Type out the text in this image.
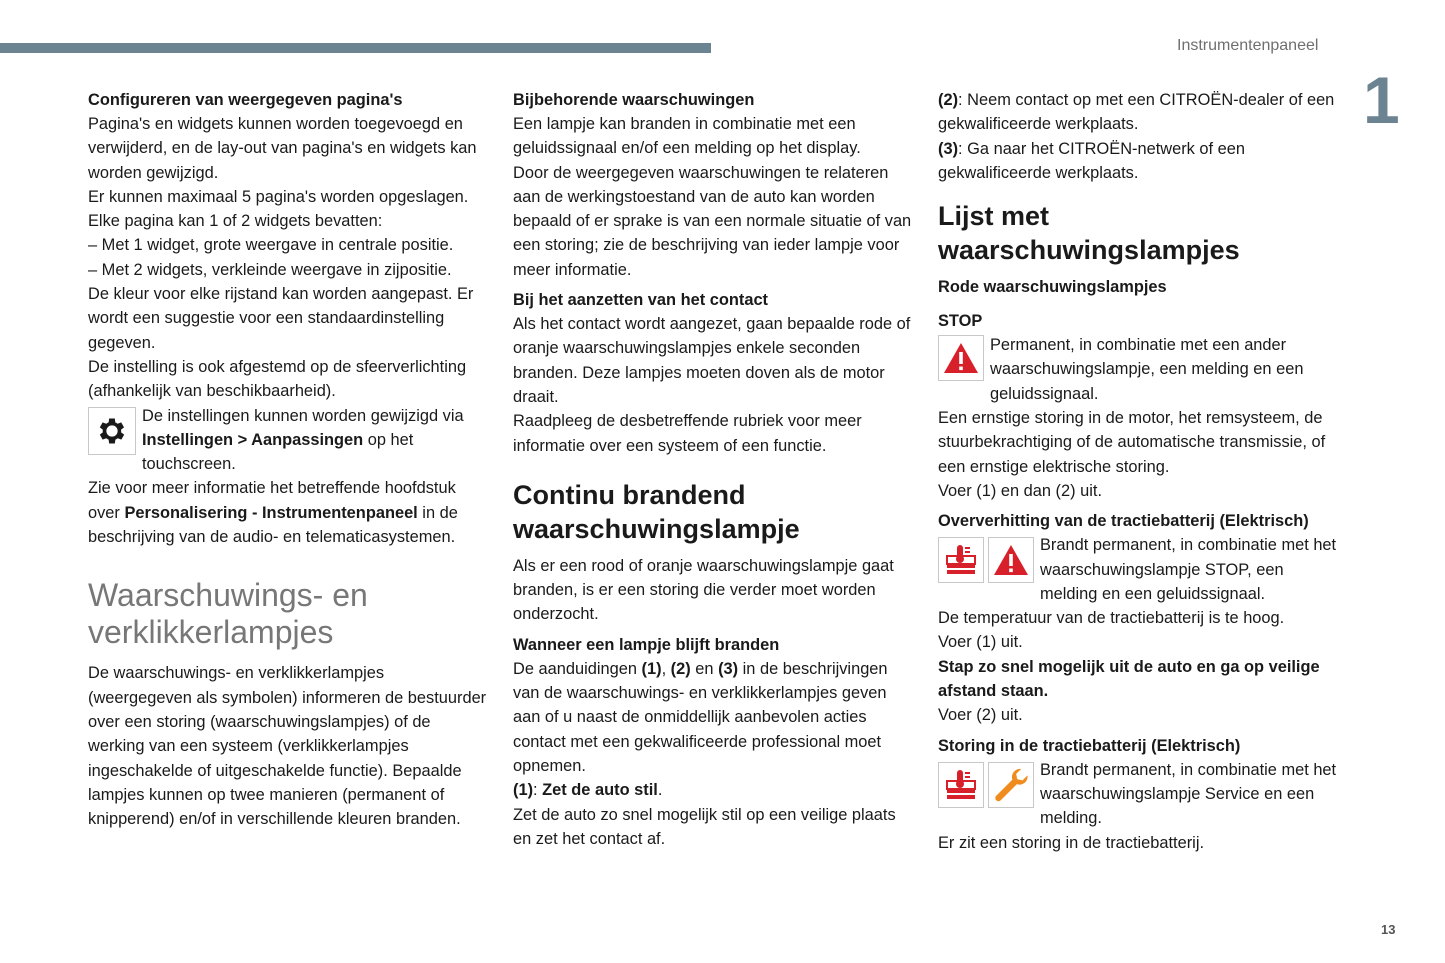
Instrumentenpaneel
1
13

Configureren van weergegeven pagina's

Pagina's en widgets kunnen worden toegevoegd en verwijderd, en de lay-out van pagina's en widgets kan worden gewijzigd.

Er kunnen maximaal 5 pagina's worden opgeslagen.

Elke pagina kan 1 of 2 widgets bevatten:

– Met 1 widget, grote weergave in centrale positie.

– Met 2 widgets, verkleinde weergave in zijpositie.

De kleur voor elke rijstand kan worden aangepast. Er wordt een suggestie voor een standaardinstelling gegeven.

De instelling is ook afgestemd op de sfeerverlichting (afhankelijk van beschikbaarheid).

De instellingen kunnen worden gewijzigd via Instellingen > Aanpassingen op het touchscreen.

Zie voor meer informatie het betreffende hoofdstuk over Personalisering - Instrumentenpaneel in de beschrijving van de audio- en telematicasystemen.

Waarschuwings- en verklikkerlampjes

De waarschuwings- en verklikkerlampjes (weergegeven als symbolen) informeren de bestuurder over een storing (waarschuwingslampjes) of de werking van een systeem (verklikkerlampjes ingeschakelde of uitgeschakelde functie). Bepaalde lampjes kunnen op twee manieren (permanent of knipperend) en/of in verschillende kleuren branden.

Bijbehorende waarschuwingen

Een lampje kan branden in combinatie met een geluidssignaal en/of een melding op het display.

Door de weergegeven waarschuwingen te relateren aan de werkingstoestand van de auto kan worden bepaald of er sprake is van een normale situatie of van een storing; zie de beschrijving van ieder lampje voor meer informatie.

Bij het aanzetten van het contact

Als het contact wordt aangezet, gaan bepaalde rode of oranje waarschuwingslampjes enkele seconden branden. Deze lampjes moeten doven als de motor draait.

Raadpleeg de desbetreffende rubriek voor meer informatie over een systeem of een functie.

Continu brandend waarschuwingslampje

Als er een rood of oranje waarschuwingslampje gaat branden, is er een storing die verder moet worden onderzocht.

Wanneer een lampje blijft branden

De aanduidingen (1), (2) en (3) in de beschrijvingen van de waarschuwings- en verklikkerlampjes geven aan of u naast de onmiddellijk aanbevolen acties contact met een gekwalificeerde professional moet opnemen.

(1): Zet de auto stil.

Zet de auto zo snel mogelijk stil op een veilige plaats en zet het contact af.

(2): Neem contact op met een CITROËN-dealer of een gekwalificeerde werkplaats.

(3): Ga naar het CITROËN-netwerk of een gekwalificeerde werkplaats.

Lijst met waarschuwingslampjes

Rode waarschuwingslampjes

STOP

Permanent, in combinatie met een ander waarschuwingslampje, een melding en een geluidssignaal.

Een ernstige storing in de motor, het remsysteem, de stuurbekrachtiging of de automatische transmissie, of een ernstige elektrische storing.

Voer (1) en dan (2) uit.

Oververhitting van de tractiebatterij (Elektrisch)

Brandt permanent, in combinatie met het waarschuwingslampje STOP, een melding en een geluidssignaal.

De temperatuur van de tractiebatterij is te hoog.

Voer (1) uit.

Stap zo snel mogelijk uit de auto en ga op veilige afstand staan.

Voer (2) uit.

Storing in de tractiebatterij (Elektrisch)

Brandt permanent, in combinatie met het waarschuwingslampje Service en een melding.

Er zit een storing in de tractiebatterij.
